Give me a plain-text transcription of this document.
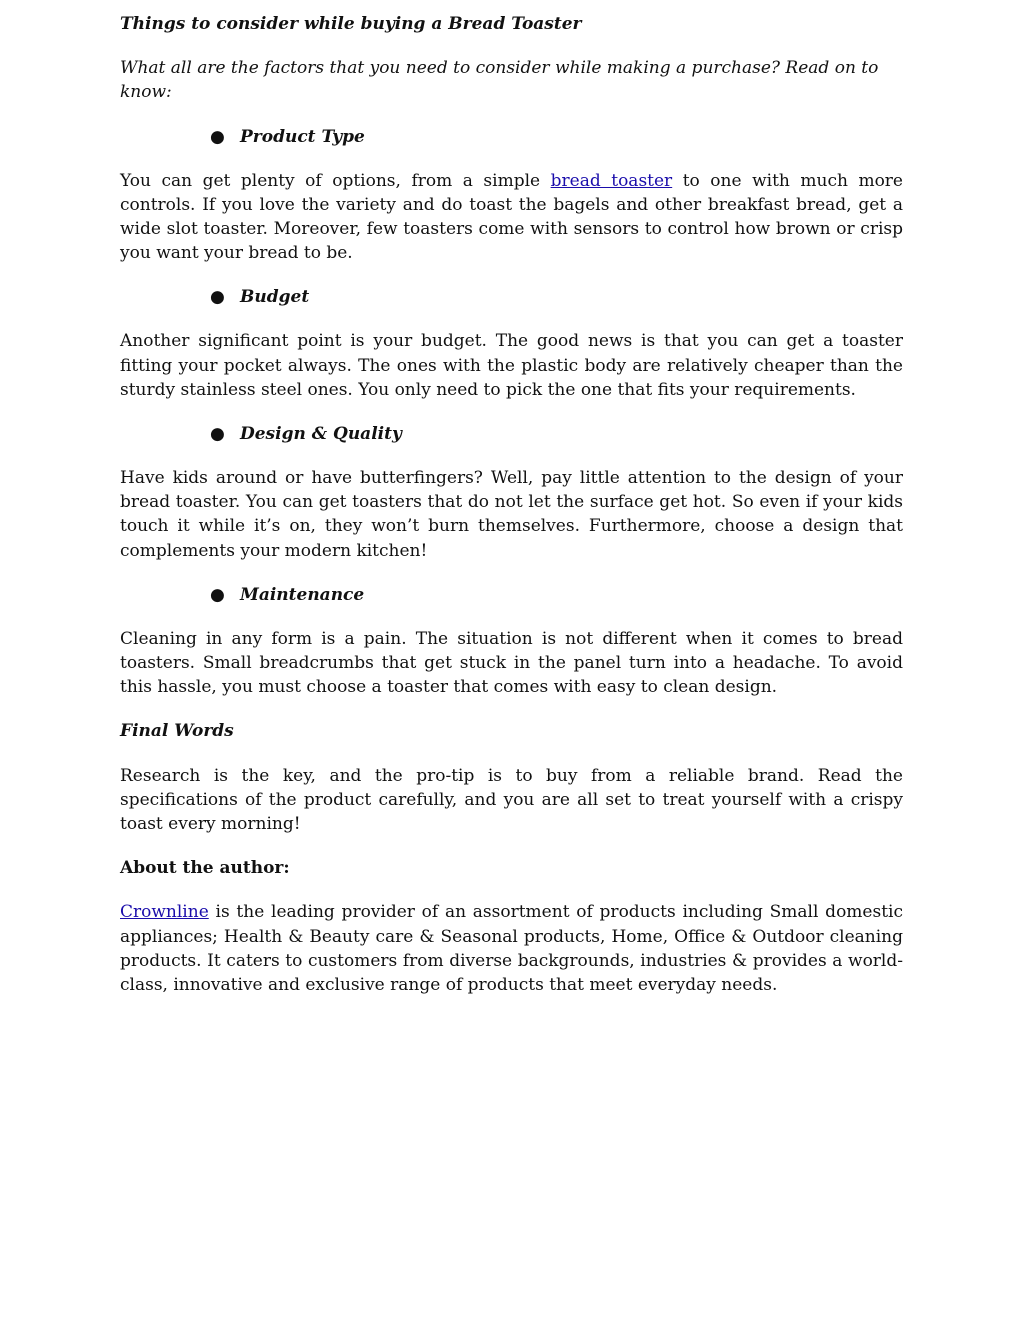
Things to consider while buying a Bread Toaster
What all are the factors that you need to consider while making a purchase? Read on to know:
● Product Type
You can get plenty of options, from a simple bread toaster to one with much more controls. If you love the variety and do toast the bagels and other breakfast bread, get a wide slot toaster. Moreover, few toasters come with sensors to control how brown or crisp you want your bread to be.
● Budget
Another significant point is your budget. The good news is that you can get a toaster fitting your pocket always. The ones with the plastic body are relatively cheaper than the sturdy stainless steel ones. You only need to pick the one that fits your requirements.
● Design & Quality
Have kids around or have butterfingers? Well, pay little attention to the design of your bread toaster. You can get toasters that do not let the surface get hot. So even if your kids touch it while it’s on, they won’t burn themselves. Furthermore, choose a design that complements your modern kitchen!
● Maintenance
Cleaning in any form is a pain. The situation is not different when it comes to bread toasters. Small breadcrumbs that get stuck in the panel turn into a headache. To avoid this hassle, you must choose a toaster that comes with easy to clean design.
Final Words
Research is the key, and the pro-tip is to buy from a reliable brand. Read the specifications of the product carefully, and you are all set to treat yourself with a crispy toast every morning!
About the author:
Crownline is the leading provider of an assortment of products including Small domestic appliances; Health & Beauty care & Seasonal products, Home, Office & Outdoor cleaning products. It caters to customers from diverse backgrounds, industries & provides a world-class, innovative and exclusive range of products that meet everyday needs.
